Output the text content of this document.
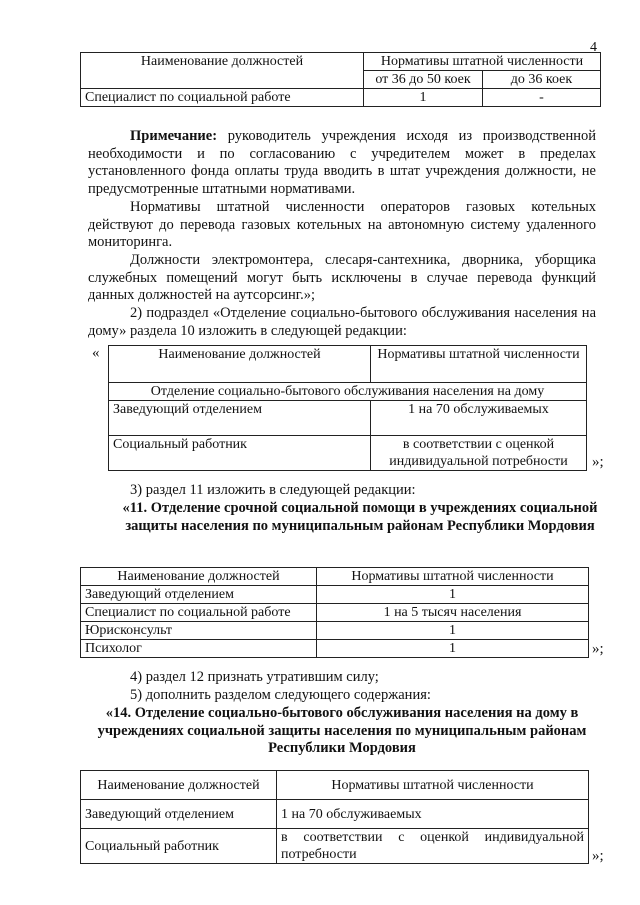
4
Наименование должностей	Нормативы штатной численности	
	от 36 до 50 коек	до 36 коек
Специалист по социальной работе	1	-
Примечание: руководитель учреждения исходя из производственной необходимости и по согласованию с учредителем может в пределах установленного фонда оплаты труда вводить в штат учреждения должности, не предусмотренные штатными нормативами.
Нормативы штатной численности операторов газовых котельных действуют до перевода газовых котельных на автономную систему удаленного мониторинга.
Должности электромонтера, слесаря-сантехника, дворника, уборщика служебных помещений могут быть исключены в случае перевода функций данных должностей на аутсорсинг.»;
2) подраздел «Отделение социально-бытового обслуживания населения на дому» раздела 10 изложить в следующей редакции:
«	Наименование должностей	Нормативы штатной численности
Отделение социально-бытового обслуживания населения на дому	
Заведующий отделением	1 на 70 обслуживаемых
Социальный работник	в соответствии с оценкой индивидуальной потребности »;
3) раздел 11 изложить в следующей редакции:
«11. Отделение срочной социальной помощи в учреждениях социальной защиты населения по муниципальным районам Республики Мордовия
Наименование должностей	Нормативы штатной численности
Заведующий отделением	1
Специалист по социальной работе	1 на 5 тысяч населения
Юрисконсульт	1
Психолог	1	»;
4) раздел 12 признать утратившим силу;
5) дополнить разделом следующего содержания:
«14. Отделение социально-бытового обслуживания населения на дому в учреждениях социальной защиты населения по муниципальным районам Республики Мордовия
Наименование должностей	Нормативы штатной численности
Заведующий отделением	1 на 70 обслуживаемых
Социальный работник	в соответствии с оценкой индивидуальной потребности	»;
